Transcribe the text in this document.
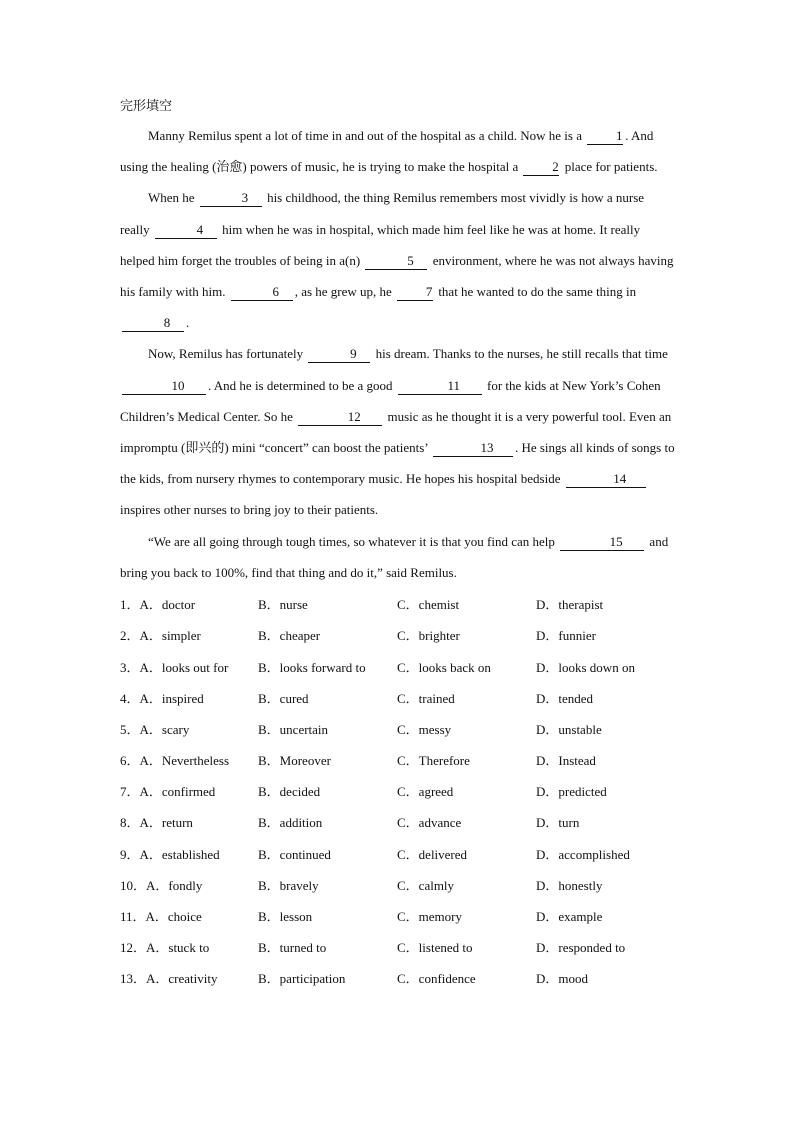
完形填空

Manny Remilus spent a lot of time in and out of the hospital as a child. Now he is a 1 . And using the healing (治愈) powers of music, he is trying to make the hospital a 2 place for patients.

When he	3 his childhood, the thing Remilus remembers most vividly is how a nurse really	4 him when he was in hospital, which made him feel like he was at home. It really helped him forget the troubles of being in a(n)	5 environment, where he was not always having his family with him.	6 , as he grew up, he 7 that he wanted to do the same thing in 8 .

Now, Remilus has fortunately	9 his dream. Thanks to the nurses, he still recalls that time 10 . And he is determined to be a good	11 for the kids at New York’s Cohen Children’s Medical Center. So he	12 music as he thought it is a very powerful tool. Even an impromptu (即兴的) mini “concert” can boost the patients’	13 . He sings all kinds of songs to the kids, from nursery rhymes to contemporary music. He hopes his hospital bedside	14 inspires other nurses to bring joy to their patients.

“We are all going through tough times, so whatever it is that you find can help	15 and bring you back to 100%, find that thing and do it,” said Remilus.

1．A．doctor	B．nurse	C．chemist	D．therapist
2．A．simpler	B．cheaper	C．brighter	D．funnier
3．A．looks out for	B．looks forward to	C．looks back on	D．looks down on
4．A．inspired	B．cured	C．trained	D．tended
5．A．scary	B．uncertain	C．messy	D．unstable
6．A．Nevertheless	B．Moreover	C．Therefore	D．Instead
7．A．confirmed	B．decided	C．agreed	D．predicted
8．A．return	B．addition	C．advance	D．turn
9．A．established	B．continued	C．delivered	D．accomplished
10．A．fondly	B．bravely	C．calmly	D．honestly
11．A．choice	B．lesson	C．memory	D．example
12．A．stuck to	B．turned to	C．listened to	D．responded to
13．A．creativity	B．participation	C．confidence	D．mood
